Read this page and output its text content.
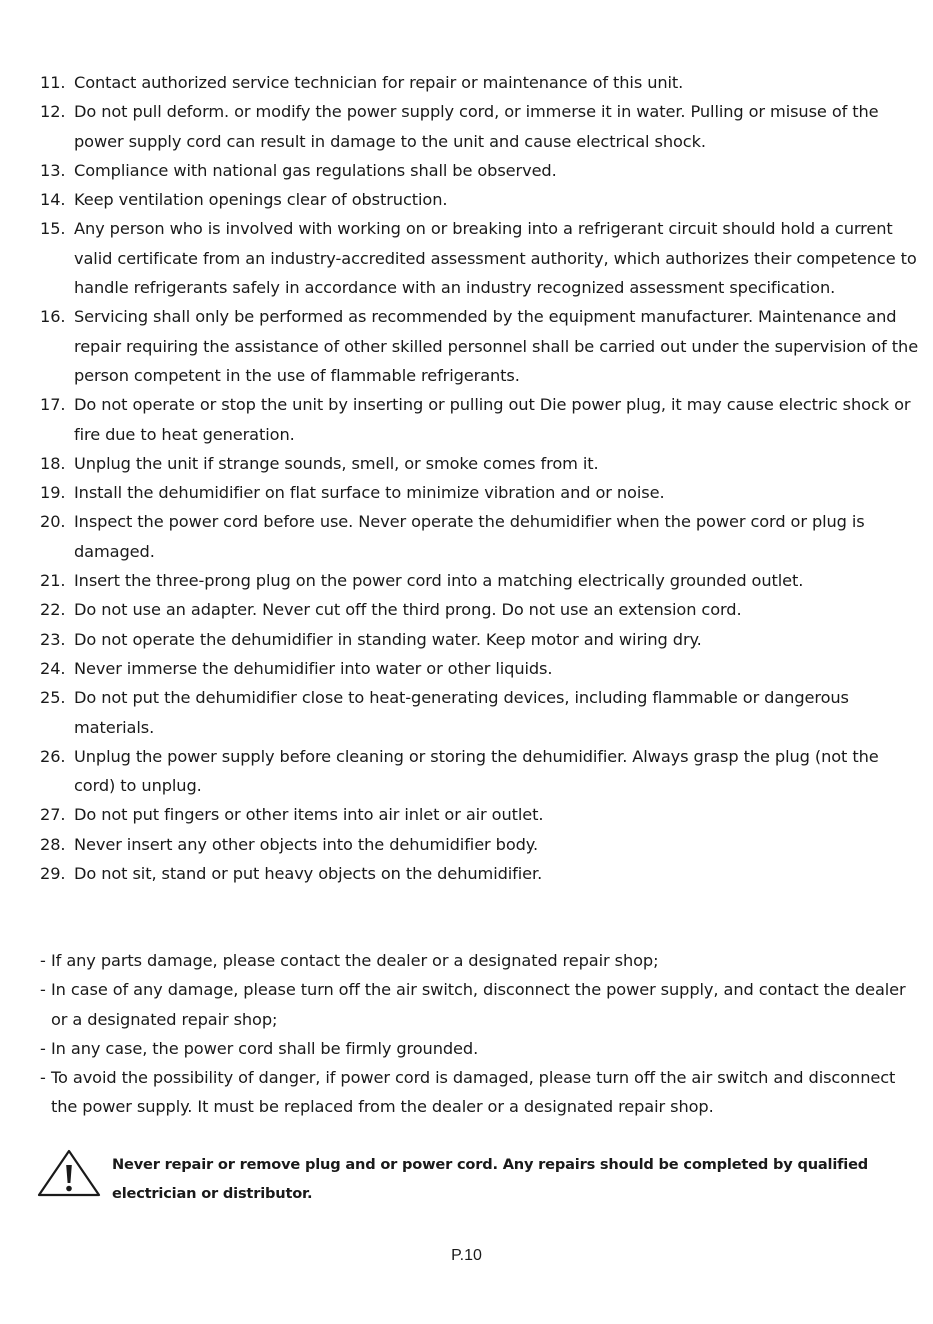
11. Contact authorized service technician for repair or maintenance of this unit.
12. Do not pull deform. or modify the power supply cord, or immerse it in water. Pulling or misuse of the power supply cord can result in damage to the unit and cause electrical shock.
13. Compliance with national gas regulations shall be observed.
14. Keep ventilation openings clear of obstruction.
15. Any person who is involved with working on or breaking into a refrigerant circuit should hold a current valid certificate from an industry-accredited assessment authority, which authorizes their competence to handle refrigerants safely in accordance with an industry recognized assessment specification.
16. Servicing shall only be performed as recommended by the equipment manufacturer. Maintenance and repair requiring the assistance of other skilled personnel shall be carried out under the supervision of the person competent in the use of flammable refrigerants.
17. Do not operate or stop the unit by inserting or pulling out Die power plug, it may cause electric shock or fire due to heat generation.
18. Unplug the unit if strange sounds, smell, or smoke comes from it.
19. Install the dehumidifier on flat surface to minimize vibration and or noise.
20. Inspect the power cord before use. Never operate the dehumidifier when the power cord or plug is damaged.
21. Insert the three-prong plug on the power cord into a matching electrically grounded outlet.
22. Do not use an adapter. Never cut off the third prong. Do not use an extension cord.
23. Do not operate the dehumidifier in standing water. Keep motor and wiring dry.
24. Never immerse the dehumidifier into water or other liquids.
25. Do not put the dehumidifier close to heat-generating devices, including flammable or dangerous materials.
26. Unplug the power supply before cleaning or storing the dehumidifier. Always grasp the plug (not the cord) to unplug.
27. Do not put fingers or other items into air inlet or air outlet.
28. Never insert any other objects into the dehumidifier body.
29. Do not sit, stand or put heavy objects on the dehumidifier.
- If any parts damage, please contact the dealer or a designated repair shop;
- In case of any damage, please turn off the air switch, disconnect the power supply, and contact the dealer or a designated repair shop;
- In any case, the power cord shall be firmly grounded.
- To avoid the possibility of danger, if power cord is damaged, please turn off the air switch and disconnect the power supply. It must be replaced from the dealer or a designated repair shop.
Never repair or remove plug and or power cord. Any repairs should be completed by qualified electrician or distributor.
P.10
